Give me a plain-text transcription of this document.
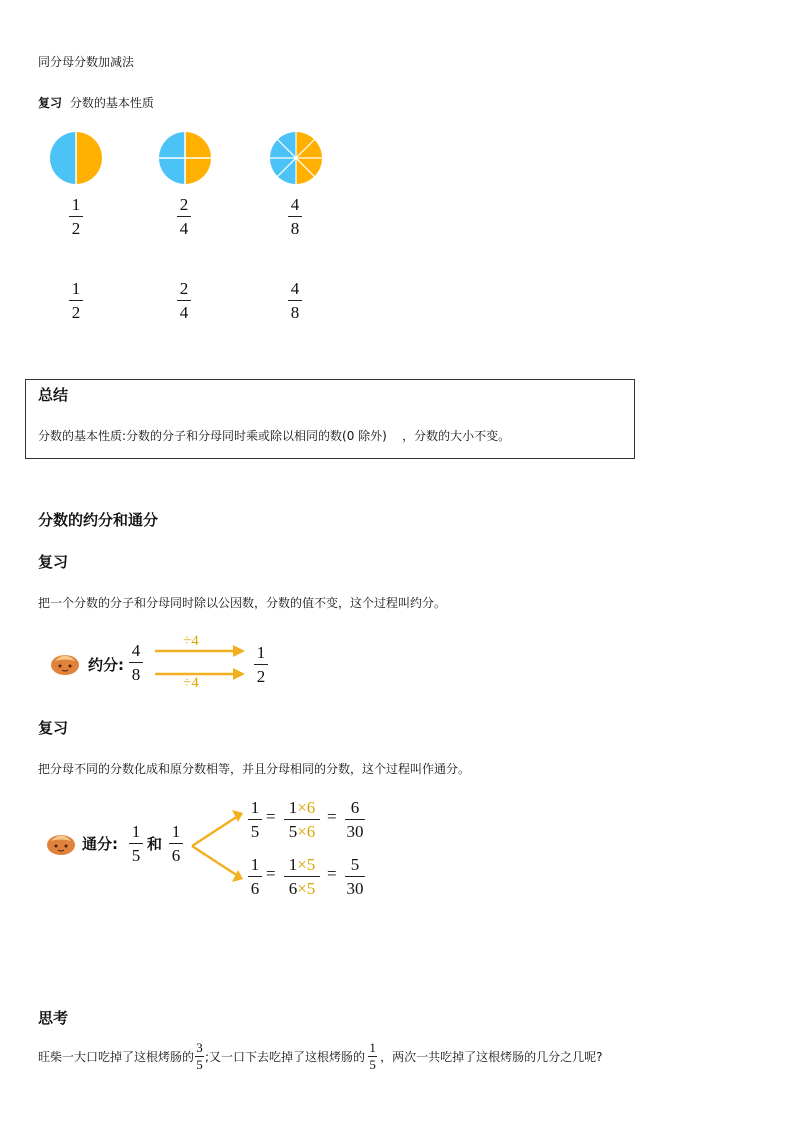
同分母分数加减法
复习 分数的基本性质
1
2
2
4
4
8
1
2
2
4
4
8
总结
分数的基本性质:分数的分子和分母同时乘或除以相同的数(0 除外)    ，分数的大小不变。
分数的约分和通分
复习
把一个分数的分子和分母同时除以公因数，分数的值不变，这个过程叫约分。
约分:
4
8
÷4
÷4
1
2
复习
把分母不同的分数化成和原分数相等，并且分母相同的分数，这个过程叫作通分。
通分:
1
5
和
1
6
1
5
= 1×6
5×6
= 6
30
1
6
= 1×5
6×5
= 5
30
思考
旺柴一大口吃掉了这根烤肠的
3
5 ;又一口下去吃掉了这根烤肠的
1
5 ，两次一共吃掉了这根烤肠的几分之几呢?
